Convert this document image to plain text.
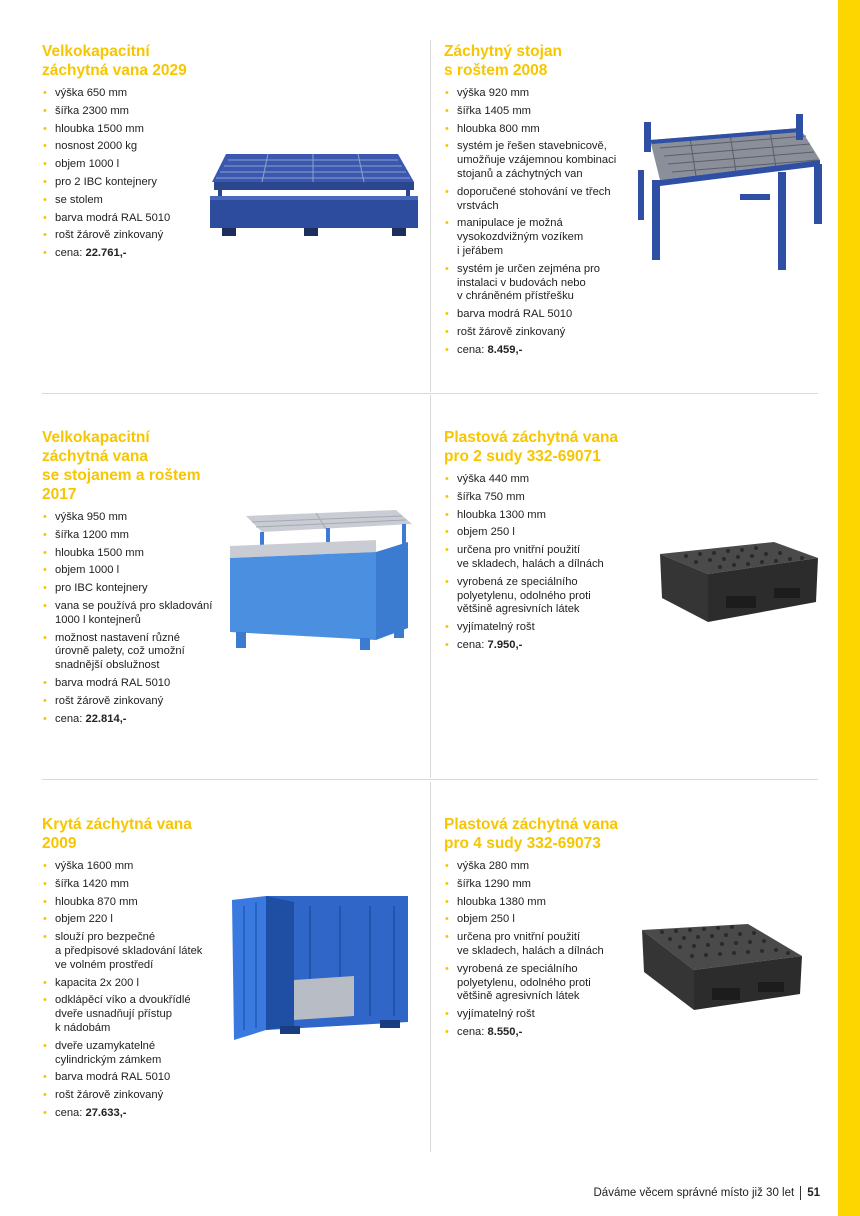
Velkokapacitní
záchytná vana 2029
• výška 650 mm
• šířka 2300 mm
• hloubka 1500 mm
• nosnost 2000 kg
• objem 1000 l
• pro 2 IBC kontejnery
• se stolem
• barva modrá RAL 5010
• rošt žárově zinkovaný
• cena: 22.761,-
Záchytný stojan
s roštem 2008
• výška 920 mm
• šířka 1405 mm
• hloubka 800 mm
• systém je řešen stavebnicově,
umožňuje vzájemnou kombinaci
stojanů a záchytných van
• doporučené stohování ve třech
vrstvách
• manipulace je možná
vysokozdvižným vozíkem
i jeřábem
• systém je určen zejména pro
instalaci v budovách nebo
v chráněném přístřešku
• barva modrá RAL 5010
• rošt žárově zinkovaný
• cena: 8.459,-
Velkokapacitní
záchytná vana
se stojanem a roštem
2017
• výška 950 mm
• šířka 1200 mm
• hloubka 1500 mm
• objem 1000 l
• pro IBC kontejnery
• vana se používá pro skladování
1000 l kontejnerů
• možnost nastavení různé
úrovně palety, což umožní
snadnější obslužnost
• barva modrá RAL 5010
• rošt žárově zinkovaný
• cena: 22.814,-
Plastová záchytná vana
pro 2 sudy 332-69071
• výška 440 mm
• šířka 750 mm
• hloubka 1300 mm
• objem 250 l
• určena pro vnitřní použití
ve skladech, halách a dílnách
• vyrobená ze speciálního
polyetylenu, odolného proti
většině agresivních látek
• vyjímatelný rošt
• cena: 7.950,-
Krytá záchytná vana
2009
• výška 1600 mm
• šířka 1420 mm
• hloubka 870 mm
• objem 220 l
• slouží pro bezpečné
a předpisové skladování látek
ve volném prostředí
• kapacita 2x 200 l
• odklápěcí víko a dvoukřídlé
dveře usnadňují přístup
k nádobám
• dveře uzamykatelné
cylindrickým zámkem
• barva modrá RAL 5010
• rošt žárově zinkovaný
• cena: 27.633,-
Plastová záchytná vana
pro 4 sudy 332-69073
• výška 280 mm
• šířka 1290 mm
• hloubka 1380 mm
• objem 250 l
• určena pro vnitřní použití
ve skladech, halách a dílnách
• vyrobená ze speciálního
polyetylenu, odolného proti
většině agresivních látek
• vyjímatelný rošt
• cena: 8.550,-
Dáváme věcem správné místo již 30 let 51
